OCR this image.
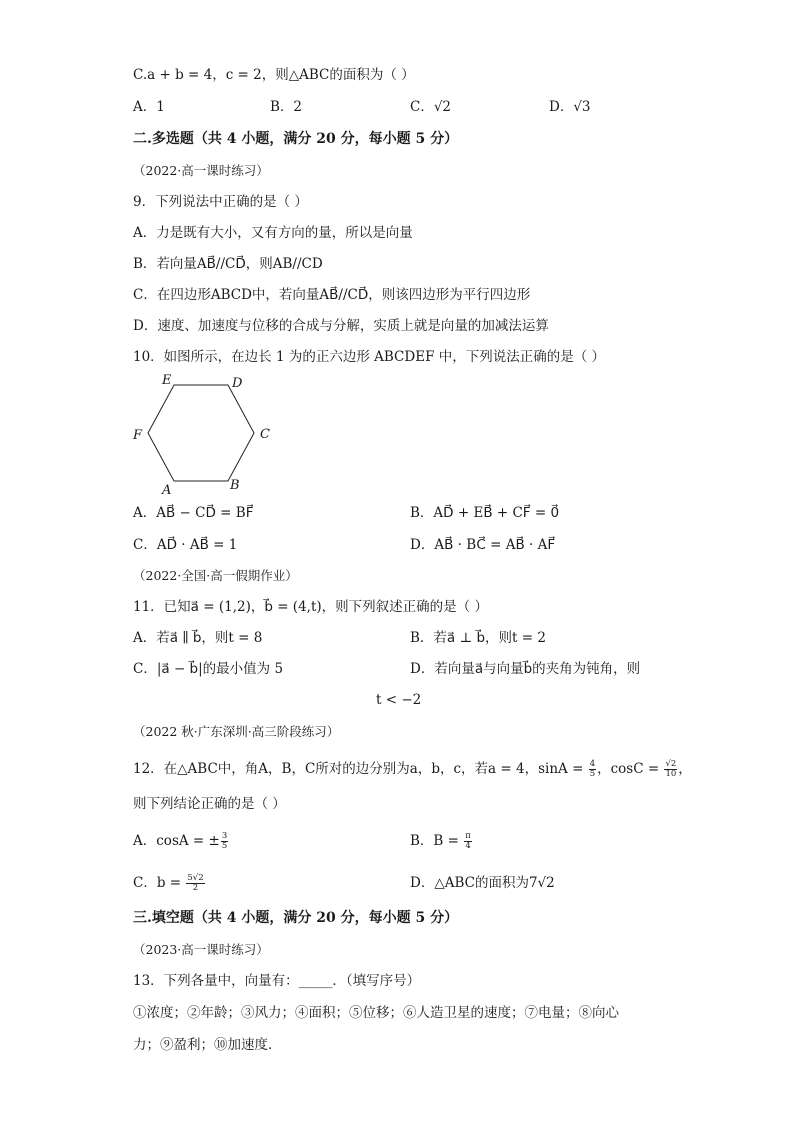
C.a + b = 4，c = 2，则△ABC的面积为（ ）
A．1	B．2	C．√2	D．√3
二.多选题（共 4 小题，满分 20 分，每小题 5 分）
（2022·高一课时练习）
9．下列说法中正确的是（ ）
A．力是既有大小，又有方向的量，所以是向量
B．若向量AB⃗//CD⃗，则AB//CD
C．在四边形ABCD中，若向量AB⃗//CD⃗，则该四边形为平行四边形
D．速度、加速度与位移的合成与分解，实质上就是向量的加减法运算
10．如图所示，在边长 1 为的正六边形 ABCDEF 中，下列说法正确的是（ ）
E	D
F	C
A	B
A．AB⃗ − CD⃗ = BF⃗	B．AD⃗ + EB⃗ + CF⃗ = 0⃗
C．AD⃗ · AB⃗ = 1	D．AB⃗ · BC⃗ = AB⃗ · AF⃗
（2022·全国·高一假期作业）
11．已知a⃗ = (1,2)，b⃗ = (4,t)，则下列叙述正确的是（ ）
A．若a⃗ ∥ b⃗，则t = 8	B．若a⃗ ⊥ b⃗，则t = 2
C．|a⃗ − b⃗|的最小值为 5	D．若向量a⃗与向量b⃗的夹角为钝角，则
t < −2
（2022 秋·广东深圳·高三阶段练习）
12．在△ABC中，角A，B，C所对的边分别为a，b，c，若a = 4，$\sin A = \frac{4}{5}$ ，$\cos C = \frac{√2}{10}$ ，
则下列结论正确的是（ ）
A．cosA = ± $\frac{3}{5}$	B．$B = \frac{\pi}{4}$
C．$b = \frac{5√2}{2}$	D．△ABC的面积为7√2
三.填空题（共 4 小题，满分 20 分，每小题 5 分）
（2023·高一课时练习）
13．下列各量中，向量有：_____．（填写序号）
①浓度；②年龄；③风力；④面积；⑤位移；⑥人造卫星的速度；⑦电量；⑧向心
力；⑨盈利；⑩加速度．
